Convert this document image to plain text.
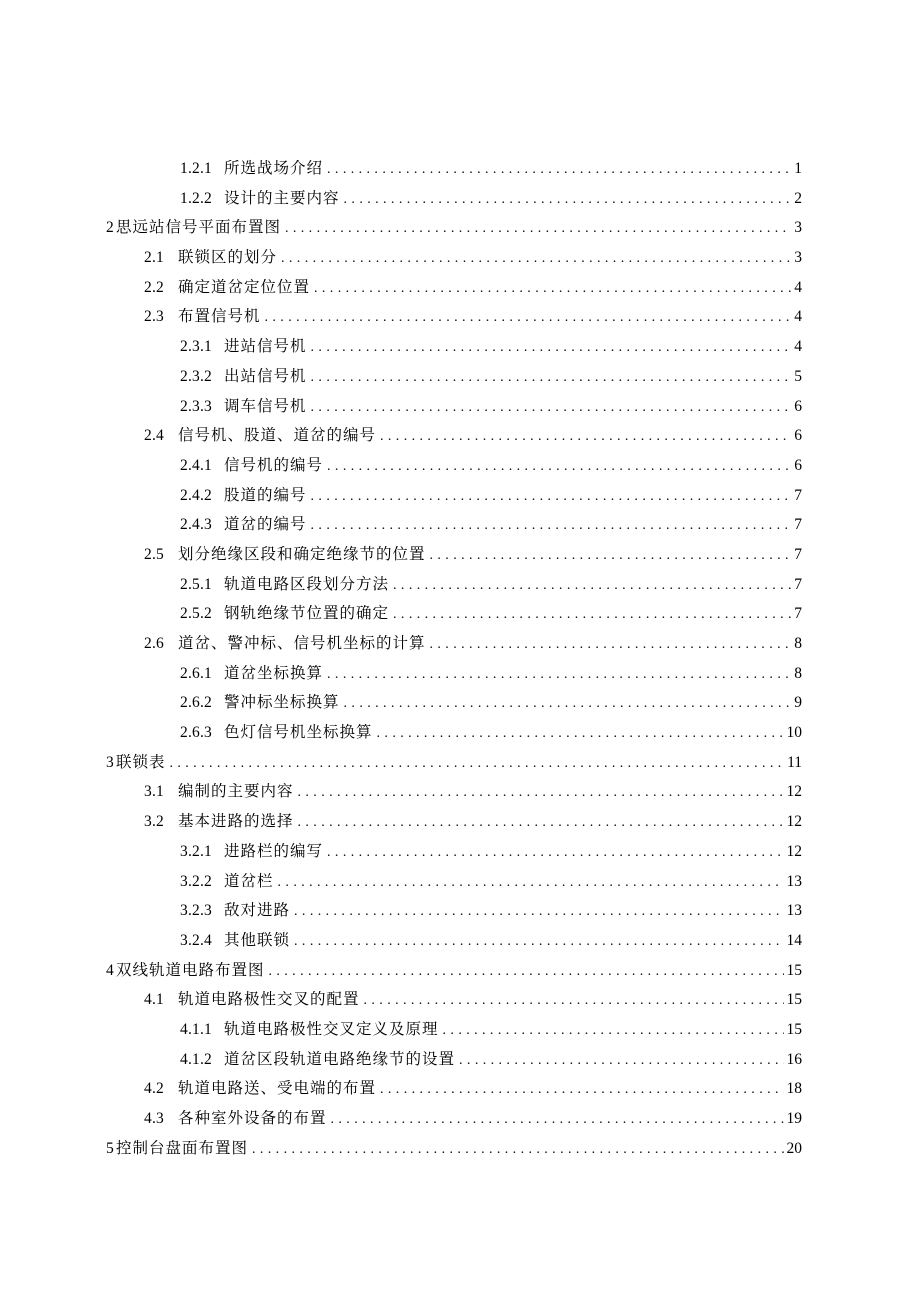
1.2.1 所选战场介绍 . . .	1
1.2.2 设计的主要内容 . . .	2
2 思远站信号平面布置图 . . .	3
2.1 联锁区的划分 . . .	3
2.2 确定道岔定位位置 . . .	4
2.3 布置信号机 . . .	4
2.3.1 进站信号机 . . .	4
2.3.2 出站信号机 . . .	5
2.3.3 调车信号机 . . .	6
2.4 信号机、股道、道岔的编号 . . .	6
2.4.1 信号机的编号 . . .	6
2.4.2 股道的编号 . . .	7
2.4.3 道岔的编号 . . .	7
2.5 划分绝缘区段和确定绝缘节的位置 . . .	7
2.5.1 轨道电路区段划分方法 . . .	7
2.5.2 钢轨绝缘节位置的确定 . . .	7
2.6 道岔、警冲标、信号机坐标的计算 . . .	8
2.6.1 道岔坐标换算 . . .	8
2.6.2 警冲标坐标换算 . . .	9
2.6.3 色灯信号机坐标换算 . . .	10
3 联锁表 . . .	11
3.1 编制的主要内容 . . .	12
3.2 基本进路的选择 . . .	12
3.2.1 进路栏的编写 . . .	12
3.2.2 道岔栏 . . .	13
3.2.3 敌对进路 . . .	13
3.2.4 其他联锁 . . .	14
4 双线轨道电路布置图 . . .	15
4.1 轨道电路极性交叉的配置 . . .	15
4.1.1 轨道电路极性交叉定义及原理 . . .	15
4.1.2 道岔区段轨道电路绝缘节的设置 . . .	16
4.2 轨道电路送、受电端的布置 . . .	18
4.3 各种室外设备的布置 . . .	19
5 控制台盘面布置图 . . .	20
